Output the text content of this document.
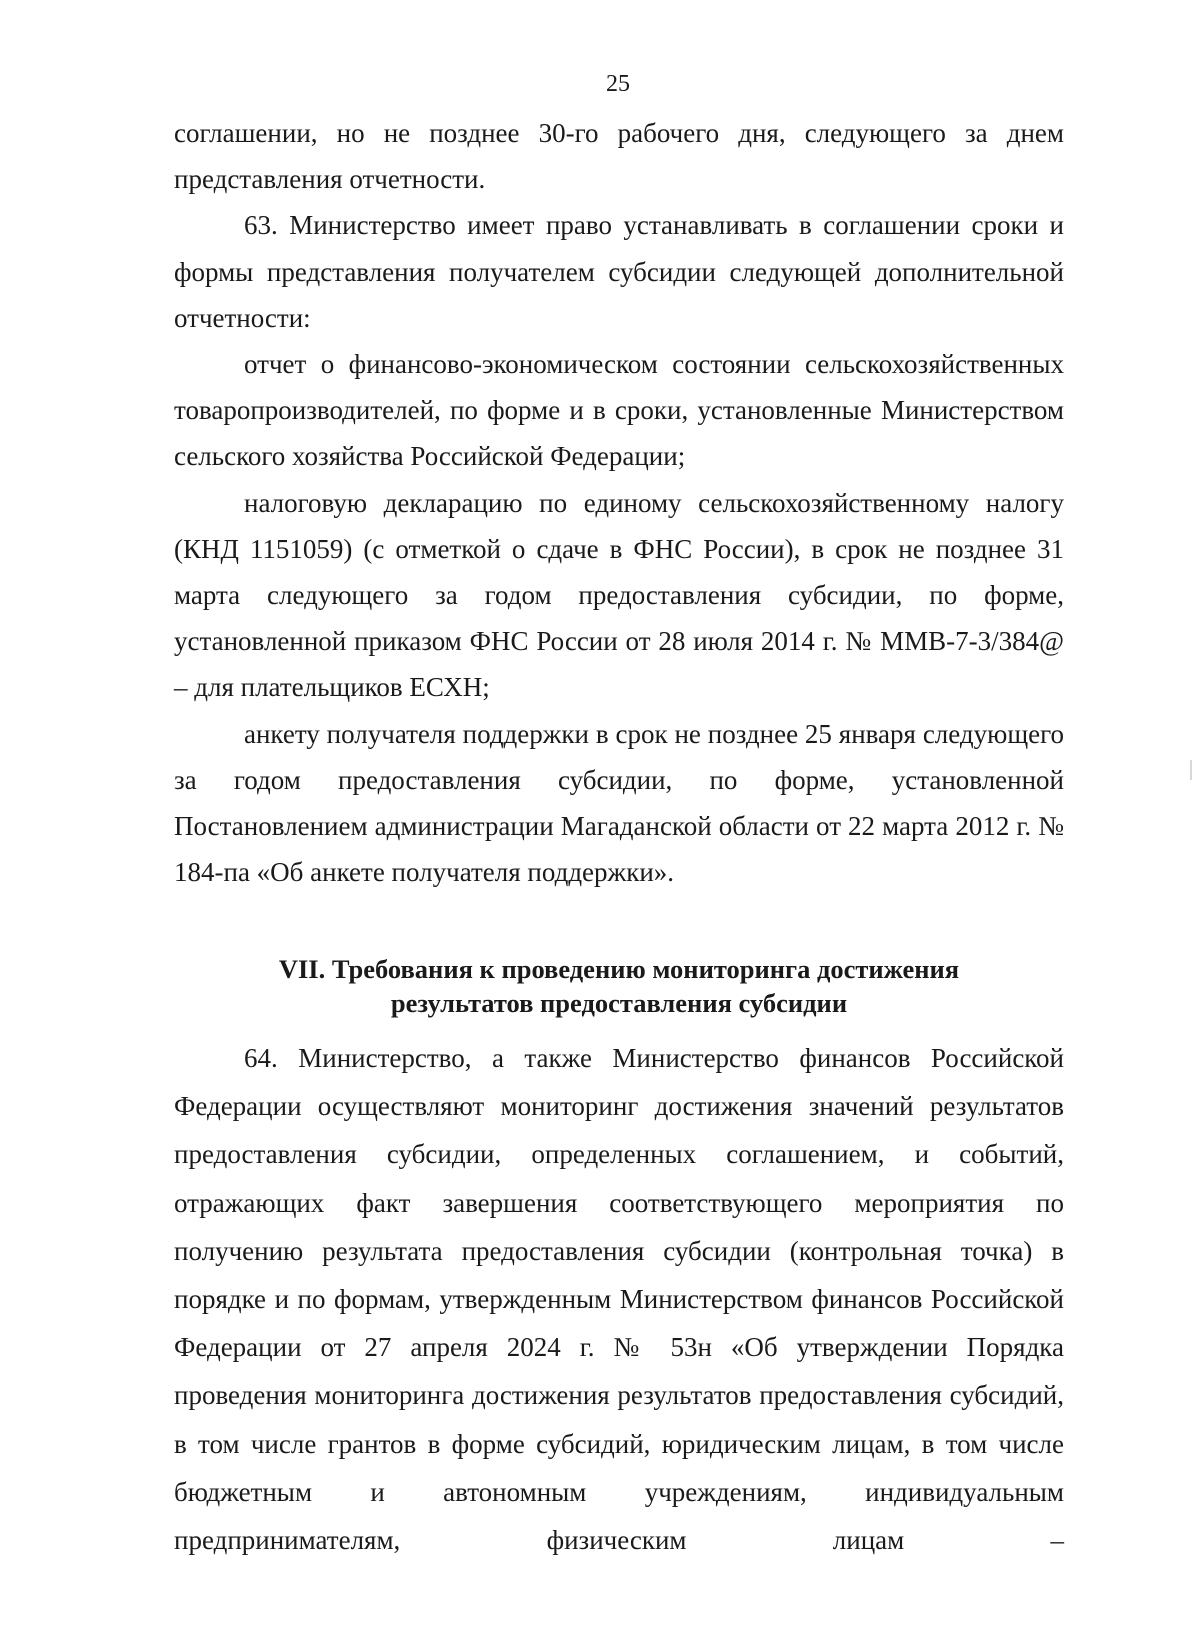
25

соглашении, но не позднее 30-го рабочего дня, следующего за днем представления отчетности.

63. Министерство имеет право устанавливать в соглашении сроки и формы представления получателем субсидии следующей дополнительной отчетности:

отчет о финансово-экономическом состоянии сельскохозяйственных товаропроизводителей, по форме и в сроки, установленные Министерством сельского хозяйства Российской Федерации;

налоговую декларацию по единому сельскохозяйственному налогу (КНД 1151059) (с отметкой о сдаче в ФНС России), в срок не позднее 31 марта следующего за годом предоставления субсидии, по форме, установленной приказом ФНС России от 28 июля 2014 г. № ММВ-7-3/384@ – для плательщиков ЕСХН;

анкету получателя поддержки в срок не позднее 25 января следующего за годом предоставления субсидии, по форме, установленной Постановлением администрации Магаданской области от 22 марта 2012 г. № 184-па «Об анкете получателя поддержки».

VII. Требования к проведению мониторинга достижения
результатов предоставления субсидии

64. Министерство, а также Министерство финансов Российской Федерации осуществляют мониторинг достижения значений результатов предоставления субсидии, определенных соглашением, и событий, отражающих факт завершения соответствующего мероприятия по получению результата предоставления субсидии (контрольная точка) в порядке и по формам, утвержденным Министерством финансов Российской Федерации от 27 апреля 2024 г. № 53н «Об утверждении Порядка проведения мониторинга достижения результатов предоставления субсидий, в том числе грантов в форме субсидий, юридическим лицам, в том числе бюджетным и автономным учреждениям, индивидуальным предпринимателям, физическим лицам –
